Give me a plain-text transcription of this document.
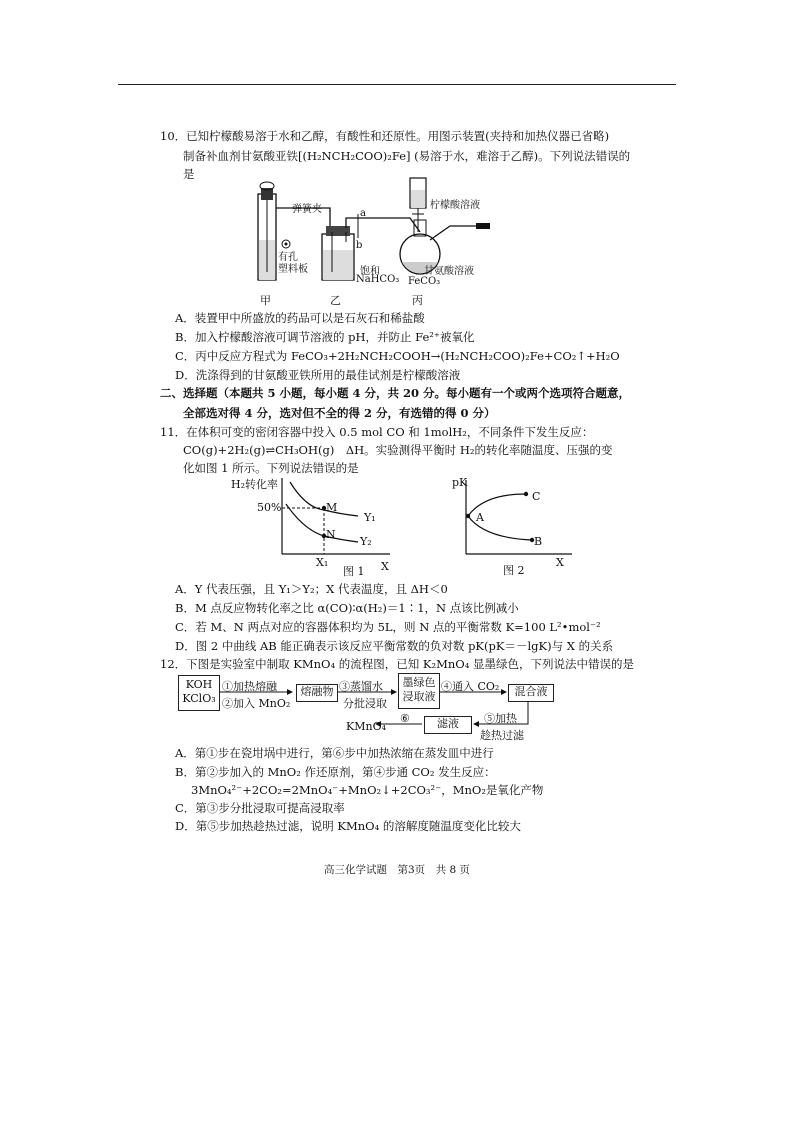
10．已知柠檬酸易溶于水和乙醇，有酸性和还原性。用图示装置(夹持和加热仪器已省略)
制备补血剂甘氨酸亚铁[(H₂NCH₂COO)₂Fe] (易溶于水，难溶于乙醇)。下列说法错误的
是
弹簧夹	a
b
有孔
塑料板	饱和
NaHCO₃
柠檬酸溶液
甘氨酸溶液
FeCO₃
甲	乙	丙
A．装置甲中所盛放的药品可以是石灰石和稀盐酸
B．加入柠檬酸溶液可调节溶液的 pH，并防止 Fe²⁺被氧化
C．丙中反应方程式为 FeCO₃+2H₂NCH₂COOH→(H₂NCH₂COO)₂Fe+CO₂↑+H₂O
D．洗涤得到的甘氨酸亚铁所用的最佳试剂是柠檬酸溶液
二、选择题（本题共 5 小题，每小题 4 分，共 20 分。每小题有一个或两个选项符合题意，
全部选对得 4 分，选对但不全的得 2 分，有选错的得 0 分）
11．在体积可变的密闭容器中投入 0.5 mol CO 和 1molH₂，不同条件下发生反应：
CO(g)+2H₂(g)⇌CH₃OH(g)　ΔH。实验测得平衡时 H₂的转化率随温度、压强的变
化如图 1 所示。下列说法错误的是
H₂转化率
50%	M
N
Y₁
Y₂
X₁
图 1 X
pK
A
C
B
图 2
X
A．Y 代表压强，且 Y₁＞Y₂；X 代表温度，且 ΔH＜0
B．M 点反应物转化率之比 α(CO)∶α(H₂)＝1∶1，N 点该比例减小
C．若 M、N 两点对应的容器体积均为 5L，则 N 点的平衡常数 K=100 L²•mol⁻²
D．图 2 中曲线 AB 能正确表示该反应平衡常数的负对数 pK(pK＝－lgK)与 X 的关系
12．下图是实验室中制取 KMnO₄ 的流程图，已知 K₂MnO₄ 显墨绿色，下列说法中错误的是
KOH
KClO₃
①加热熔融
②加入 MnO₂
熔融物 ③蒸馏水
分批浸取
墨绿色
浸取液
④通入 CO₂	混合液
⑤加热
趁热过滤
滤液
⑥
KMnO₄
A．第①步在瓷坩埚中进行，第⑥步中加热浓缩在蒸发皿中进行
B．第②步加入的 MnO₂ 作还原剂，第④步通 CO₂ 发生反应：
3MnO₄²⁻+2CO₂=2MnO₄⁻+MnO₂↓+2CO₃²⁻，MnO₂是氧化产物
C．第③步分批浸取可提高浸取率
D．第⑤步加热趁热过滤，说明 KMnO₄ 的溶解度随温度变化比较大
高三化学试题　第3页　共 8 页
